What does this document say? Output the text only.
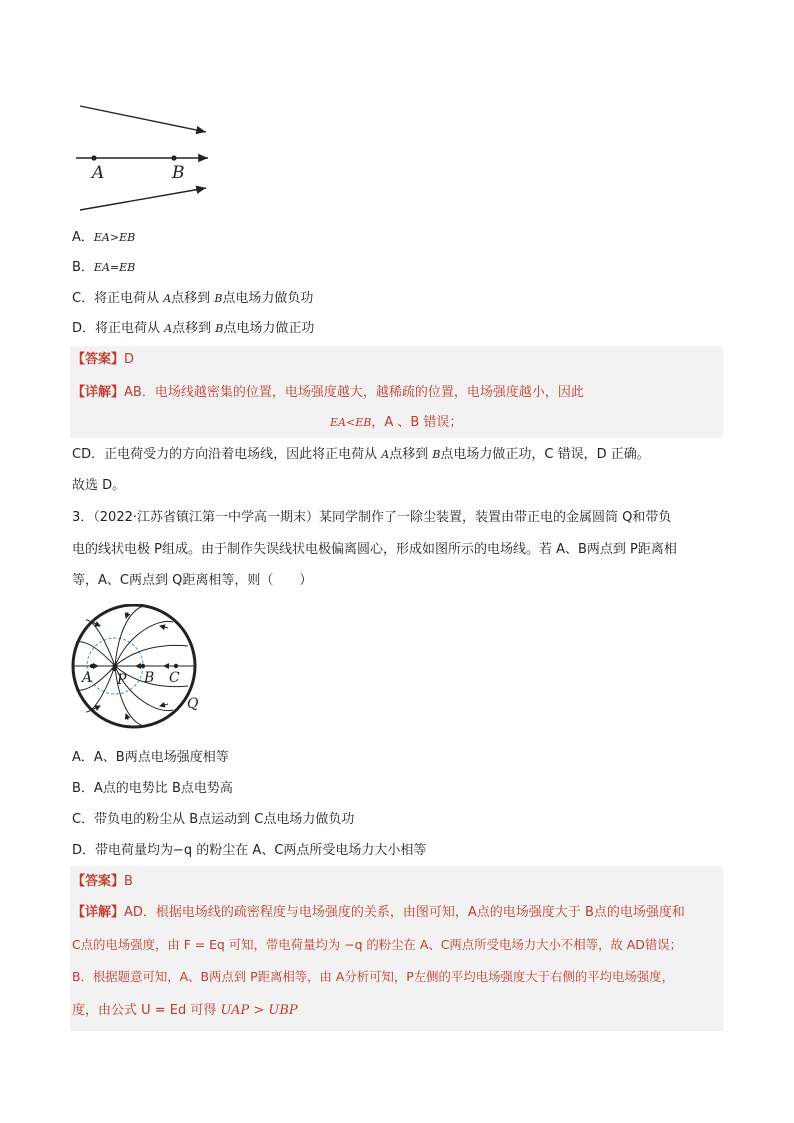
A	B
A．EA>EB
B．EA=EB
C．将正电荷从 A点移到 B点电场力做负功
D．将正电荷从 A点移到 B点电场力做正功
【答案】D
【详解】AB．电场线越密集的位置，电场强度越大，越稀疏的位置，电场强度越小，因此
EA<EB，A 、B 错误；
CD．正电荷受力的方向沿着电场线，因此将正电荷从 A点移到 B点电场力做正功，C 错误，D 正确。
故选 D。
3．（2022·江苏省镇江第一中学高一期末）某同学制作了一除尘装置，装置由带正电的金属圆筒 Q和带负
电的线状电极 P组成。由于制作失误线状电极偏离圆心，形成如图所示的电场线。若 A、B两点到 P距离相
等，A、C两点到 Q距离相等，则（　　）
A P B C
Q
A．A、B两点电场强度相等
B．A点的电势比 B点电势高
C．带负电的粉尘从 B点运动到 C点电场力做负功
D．带电荷量均为−q 的粉尘在 A、C两点所受电场力大小相等
【答案】B
【详解】AD．根据电场线的疏密程度与电场强度的关系，由图可知，A点的电场强度大于 B点的电场强度和
C点的电场强度，由 F = Eq 可知，带电荷量均为 −q 的粉尘在 A、C两点所受电场力大小不相等，故 AD错误；
B．根据题意可知，A、B两点到 P距离相等，由 A分析可知，P左侧的平均电场强度大于右侧的平均电场强度，
度，由公式 U = Ed 可得 UAP > UBP
